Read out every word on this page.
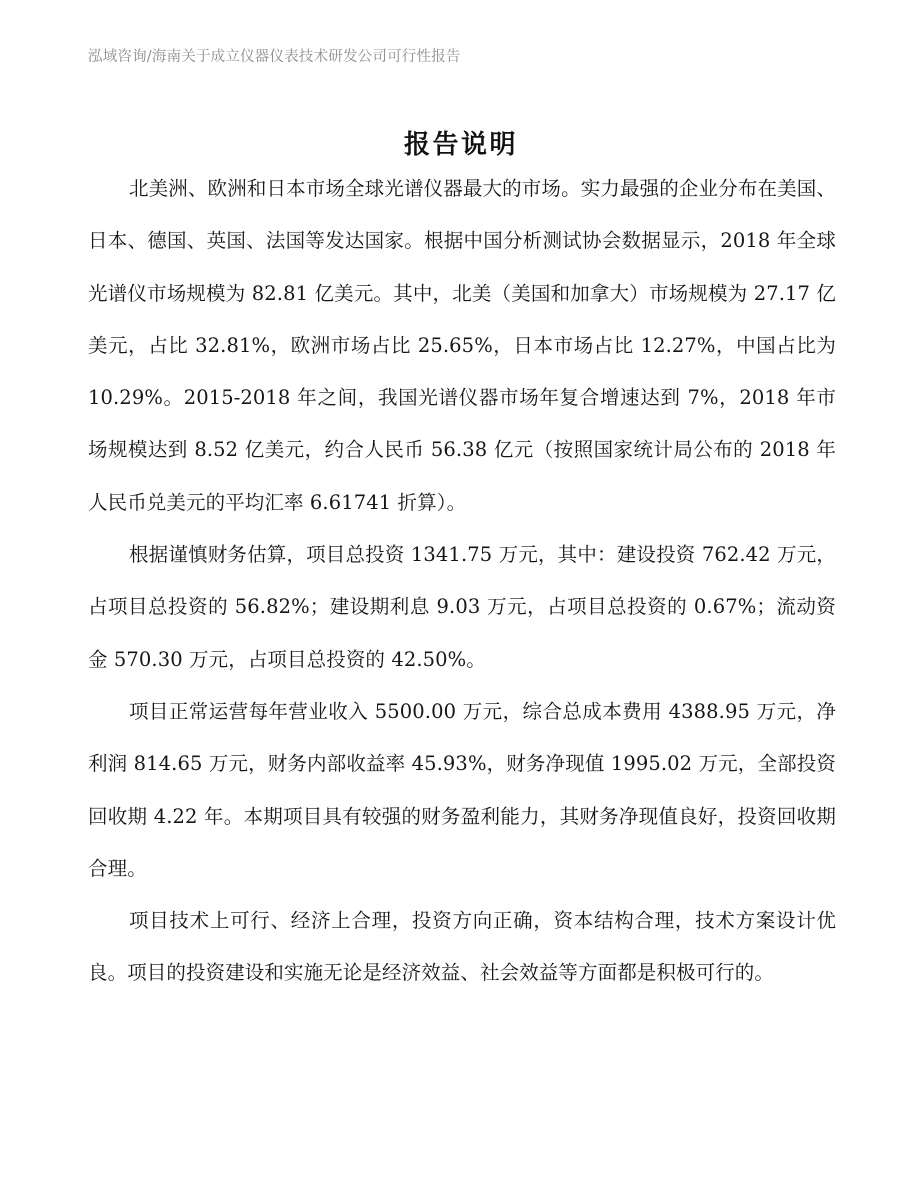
泓域咨询/海南关于成立仪器仪表技术研发公司可行性报告
报告说明

北美洲、欧洲和日本市场全球光谱仪器最大的市场。实力最强的企业分布在美国、日本、德国、英国、法国等发达国家。根据中国分析测试协会数据显示，2018 年全球光谱仪市场规模为 82.81 亿美元。其中，北美（美国和加拿大）市场规模为 27.17 亿美元，占比 32.81%，欧洲市场占比 25.65%，日本市场占比 12.27%，中国占比为 10.29%。2015-2018 年之间，我国光谱仪器市场年复合增速达到 7%，2018 年市场规模达到 8.52 亿美元，约合人民币 56.38 亿元（按照国家统计局公布的 2018 年人民币兑美元的平均汇率 6.61741 折算）。

根据谨慎财务估算，项目总投资 1341.75 万元，其中：建设投资 762.42 万元，占项目总投资的 56.82%；建设期利息 9.03 万元，占项目总投资的 0.67%；流动资金 570.30 万元，占项目总投资的 42.50%。

项目正常运营每年营业收入 5500.00 万元，综合总成本费用 4388.95 万元，净利润 814.65 万元，财务内部收益率 45.93%，财务净现值 1995.02 万元，全部投资回收期 4.22 年。本期项目具有较强的财务盈利能力，其财务净现值良好，投资回收期合理。

项目技术上可行、经济上合理，投资方向正确，资本结构合理，技术方案设计优良。项目的投资建设和实施无论是经济效益、社会效益等方面都是积极可行的。
